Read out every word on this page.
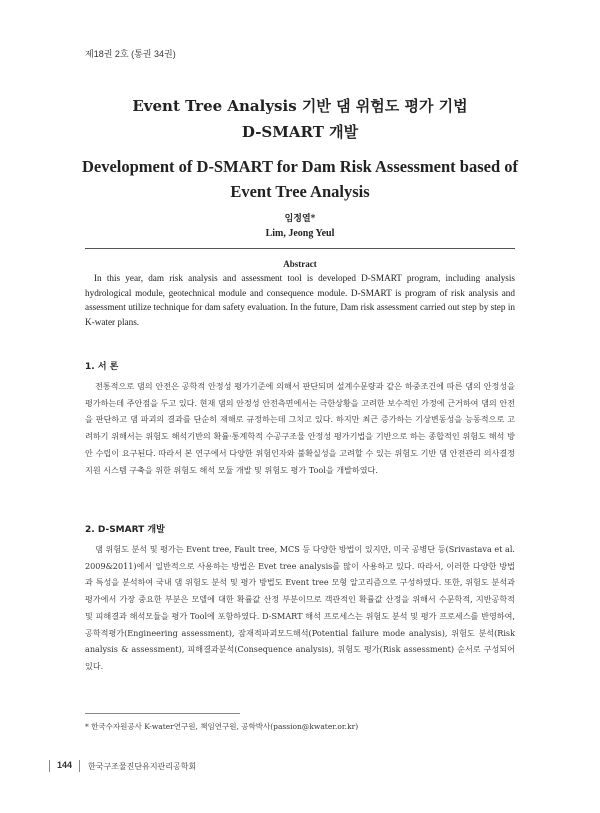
제18권 2호 (통권 34권)
Event Tree Analysis 기반 댐 위험도 평가 기법
D-SMART 개발
Development of D-SMART for Dam Risk Assessment based of Event Tree Analysis
임정열*
Lim, Jeong Yeul
Abstract

In this year, dam risk analysis and assessment tool is developed D-SMART program, including analysis hydrological module, geotechnical module and consequence module. D-SMART is program of risk analysis and assessment utilize technique for dam safety evaluation. In the future, Dam risk assessment carried out step by step in K-water plans.

1. 서 론

전통적으로 댐의 안전은 공학적 안정성 평가기준에 의해서 판단되며 설계수문량과 같은 하중조건에 따른 댐의 안정성을 평가하는데 주안점을 두고 있다. 현재 댐의 안정성 안전측면에서는 극한상황을 고려한 보수적인 가정에 근거하여 댐의 안전을 판단하고 댐 파괴의 결과를 단순히 재해로 규정하는데 그치고 있다. 하지만 최근 증가하는 기상변동성을 능동적으로 고려하기 위해서는 위험도 해석기반의 확률·통계학적 수공구조물 안정성 평가기법을 기반으로 하는 종합적인 위험도 해석 방안 수립이 요구된다. 따라서 본 연구에서 다양한 위험인자와 불확실성을 고려할 수 있는 위험도 기반 댐 안전관리 의사결정 지원 시스템 구축을 위한 위험도 해석 모듈 개발 및 위험도 평가 Tool을 개발하였다.

2. D-SMART 개발

댐 위험도 분석 및 평가는 Event tree, Fault tree, MCS 등 다양한 방법이 있지만, 미국 공병단 등(Srivastava et al. 2009&2011)에서 일반적으로 사용하는 방법은 Evet tree analysis를 많이 사용하고 있다. 따라서, 이러한 다양한 방법과 특성을 분석하여 국내 댐 위험도 분석 및 평가 방법도 Event tree 모형 알고리즘으로 구성하였다. 또한, 위험도 분석과 평가에서 가장 중요한 부분은 모델에 대한 확률값 산정 부분이므로 객관적인 확률값 산정을 위해서 수문학적, 지반공학적 및 피해결과 해석모듈을 평가 Tool에 포함하였다. D-SMART 해석 프로세스는 위험도 분석 및 평가 프로세스를 반영하여, 공학적평가(Engineering assessment), 잠재적파괴모드해석(Potential failure mode analysis), 위험도 분석(Risk analysis & assessment), 피해결과분석(Consequence analysis), 위험도 평가(Risk assessment) 순서로 구성되어 있다.

* 한국수자원공사 K-water연구원, 책임연구원, 공학박사(passion@kwater.or.kr)
144 한국구조물진단유지관리공학회
